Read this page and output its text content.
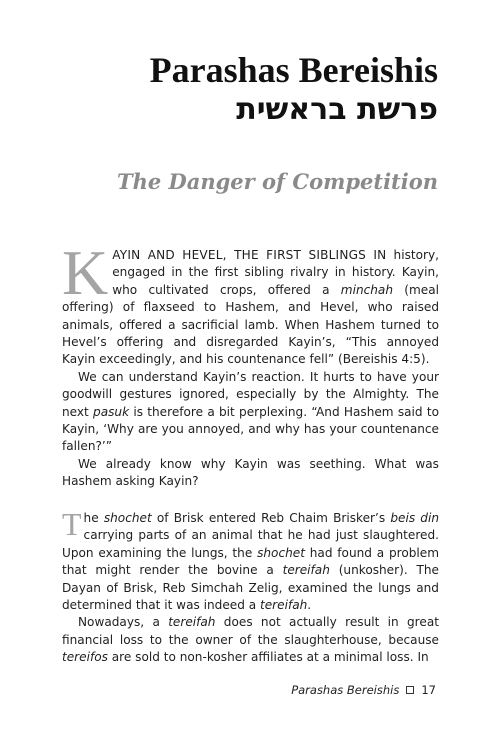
Parashas Bereishis
פרשת בראשית
The Danger of Competition

KAYIN AND HEVEL, THE FIRST SIBLINGS IN history, engaged in the first sibling rivalry in history. Kayin, who cultivated crops, offered a minchah (meal offering) of flaxseed to Hashem, and Hevel, who raised animals, offered a sacrificial lamb. When Hashem turned to Hevel’s offering and disregarded Kayin’s, “This annoyed Kayin exceedingly, and his countenance fell” (Bereishis 4:5).

We can understand Kayin’s reaction. It hurts to have your goodwill gestures ignored, especially by the Almighty. The next pasuk is therefore a bit perplexing. “And Hashem said to Kayin, ‘Why are you annoyed, and why has your countenance fallen?’”

We already know why Kayin was seething. What was Hashem asking Kayin?

The shochet of Brisk entered Reb Chaim Brisker’s beis din carrying parts of an animal that he had just slaughtered. Upon examining the lungs, the shochet had found a problem that might render the bovine a tereifah (unkosher). The Dayan of Brisk, Reb Simchah Zelig, examined the lungs and determined that it was indeed a tereifah.

Nowadays, a tereifah does not actually result in great financial loss to the owner of the slaughterhouse, because tereifos are sold to non-kosher affiliates at a minimal loss. In

Parashas Bereishis 17
